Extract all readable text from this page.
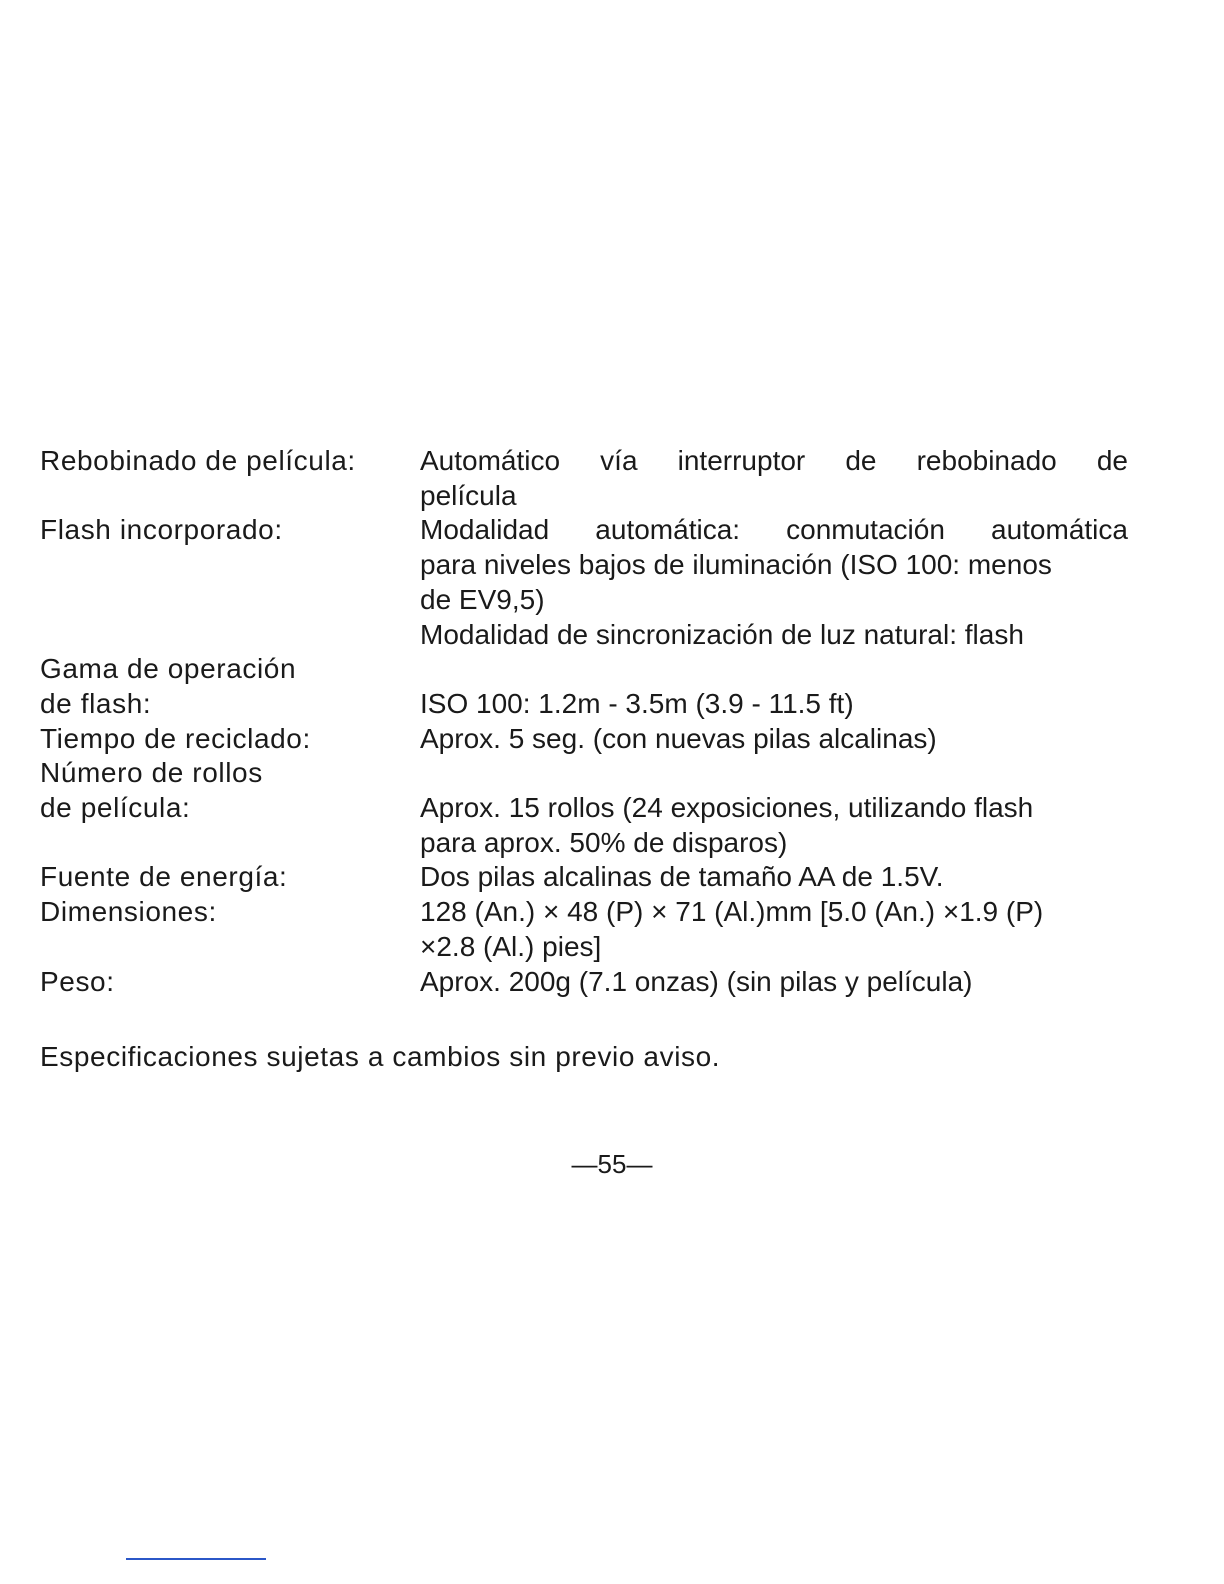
Rebobinado de película:	Automático vía interruptor de rebobinado de
película
Flash incorporado:	Modalidad automática: conmutación automática
para niveles bajos de iluminación (ISO 100: menos
de EV9,5)
Modalidad de sincronización de luz natural: flash
Gama de operación
de flash:
	ISO 100: 1.2m - 3.5m (3.9 - 11.5 ft)
Tiempo de reciclado:	Aprox. 5 seg. (con nuevas pilas alcalinas)
Número de rollos
de película:
	Aprox. 15 rollos (24 exposiciones, utilizando flash
para aprox. 50% de disparos)
Fuente de energía:	Dos pilas alcalinas de tamaño AA de 1.5V.
Dimensiones:	128 (An.) × 48 (P) × 71 (Al.)mm [5.0 (An.) ×1.9 (P)
×2.8 (Al.) pies]
Peso:	Aprox. 200g (7.1 onzas) (sin pilas y película)
Especificaciones sujetas a cambios sin previo aviso.
—55—
